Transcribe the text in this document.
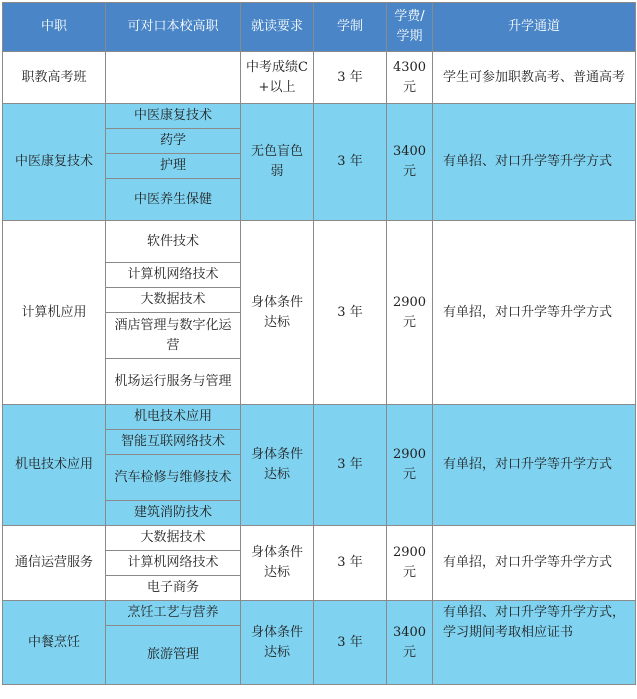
中职	可对口本校高职	就读要求	学制	学费/学期	升学通道
职教高考班		中考成绩C+以上	3 年	4300元	学生可参加职教高考、普通高考
中医康复技术	中医康复技术	无色盲色弱	3 年	3400元	有单招、对口升学等升学方式
	药学				
	护理				
	中医养生保健				
计算机应用	软件技术	身体条件达标	3 年	2900元	有单招，对口升学等升学方式
	计算机网络技术				
	大数据技术				
	酒店管理与数字化运营				
	机场运行服务与管理				
机电技术应用	机电技术应用	身体条件达标	3 年	2900元	有单招，对口升学等升学方式
	智能互联网络技术				
	汽车检修与维修技术				
	建筑消防技术				
通信运营服务	大数据技术	身体条件达标	3 年	2900元	有单招，对口升学等升学方式
	计算机网络技术				
	电子商务				
中餐烹饪	烹饪工艺与营养	身体条件达标	3 年	3400元	有单招、对口升学等升学方式，学习期间考取相应证书
	旅游管理				
